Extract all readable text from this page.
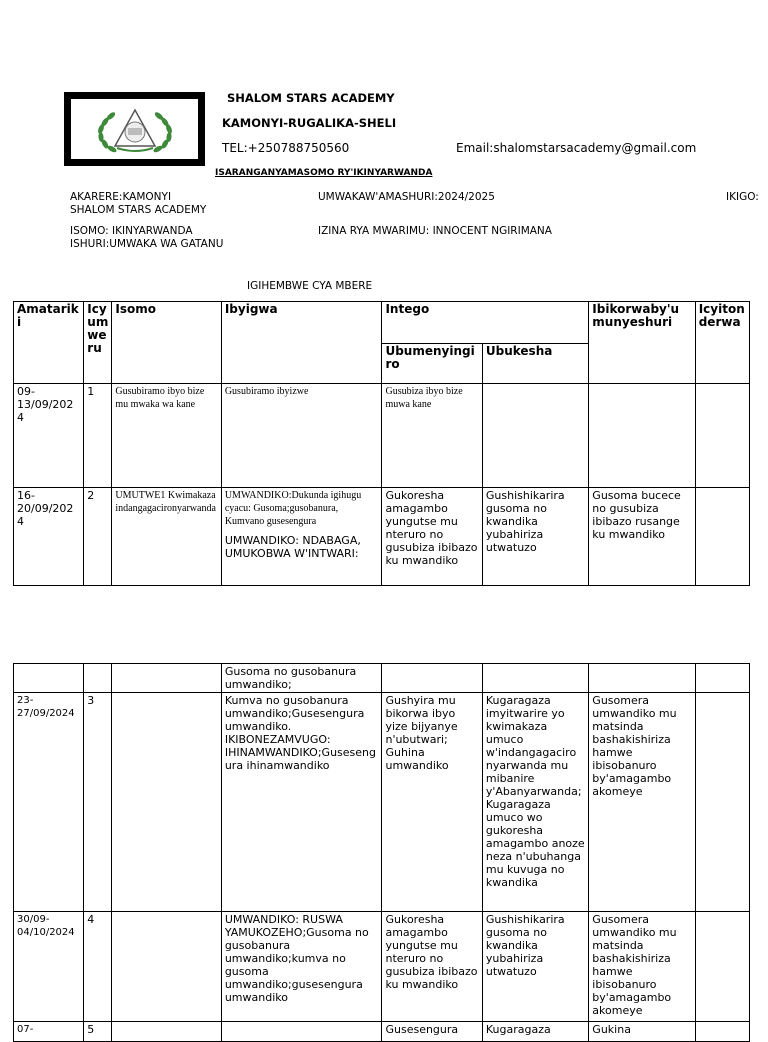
SHALOM STARS ACADEMY
KAMONYI-RUGALIKA-SHELI
TEL:+250788750560	Email:shalomstarsacademy@gmail.com
ISARANGANYAMASOMO RY'IKINYARWANDA
AKARERE:KAMONYI
SHALOM STARS ACADEMY
UMWAKAW'AMASHURI:2024/2025	IKIGO:
ISOMO: IKINYARWANDA
ISHURI:UMWAKA WA GATANU
IZINA RYA MWARIMU: INNOCENT NGIRIMANA
IGIHEMBWE CYA MBERE
Amatariki	Icyumweru	Isomo	Ibyigwa	Intego		Ibikorwaby'u munyeshuri	Icyitonderwa
				Ubumenyingiro	Ubukesha		
09-13/09/2024	1	Gusubiramo ibyo bize mu mwaka wa kane	Gusubiramo ibyizwe	Gusubiza ibyo bize muwa kane			
16-20/09/2024	2	UMUTWE1 Kwimakaza indangagacironyarwanda	UMWANDIKO:Dukunda igihugu cyacu: Gusoma;gusobanura, Kumvano gusesengura
UMWANDIKO: NDABAGA, UMUKOBWA W'INTWARI:	Gukoresha amagambo yungutse mu nteruro no gusubiza ibibazo ku mwandiko	Gushishikarira gusoma no kwandika yubahiriza utwatuzo	Gusoma bucece no gusubiza ibibazo rusange ku mwandiko	
			Gusoma no gusobanura umwandiko;				
23-27/09/2024	3		Kumva no gusobanura umwandiko;Gusesengura umwandiko. IKIBONEZAMVUGO: IHINAMWANDIKO;Gusesengura ihinamwandiko	Gushyira mu bikorwa ibyo yize bijyanye n'ubutwari; Guhina umwandiko	Kugaragaza imyitwarire yo kwimakaza umuco w'indangagaciro nyarwanda mu mibanire y'Abanyarwanda;Kugaragaza umuco wo gukoresha amagambo anoze neza n'ubuhanga mu kuvuga no kwandika	Gusomera umwandiko mu matsinda bashakishiriza hamwe ibisobanuro by'amagambo akomeye	
30/09-04/10/2024	4		UMWANDIKO: RUSWA YAMUKOZEHO;Gusoma no gusobanura umwandiko;kumva no gusoma umwandiko;gusesengura umwandiko	Gukoresha amagambo yungutse mu nteruro no gusubiza ibibazo ku mwandiko	Gushishikarira gusoma no kwandika yubahiriza utwatuzo	Gusomera umwandiko mu matsinda bashakishiriza hamwe ibisobanuro by'amagambo akomeye	
07-	5			Gusesengura	Kugaragaza	Gukina	
